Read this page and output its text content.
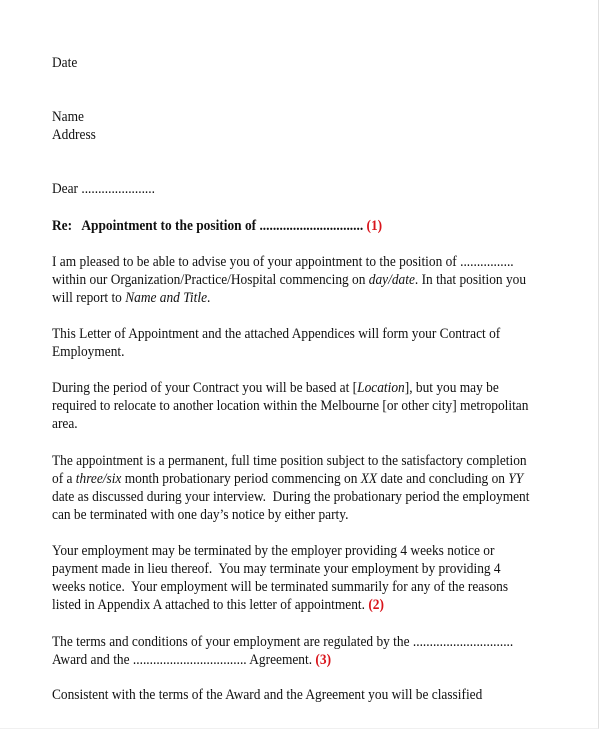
Date
Name
Address
Dear ......................
Re:   Appointment to the position of ............................... (1)
I am pleased to be able to advise you of your appointment to the position of ................
within our Organization/Practice/Hospital commencing on day/date. In that position you
will report to Name and Title.
This Letter of Appointment and the attached Appendices will form your Contract of
Employment.
During the period of your Contract you will be based at [Location], but you may be
required to relocate to another location within the Melbourne [or other city] metropolitan
area.
The appointment is a permanent, full time position subject to the satisfactory completion
of a three/six month probationary period commencing on XX date and concluding on YY
date as discussed during your interview.  During the probationary period the employment
can be terminated with one day’s notice by either party.
Your employment may be terminated by the employer providing 4 weeks notice or
payment made in lieu thereof.  You may terminate your employment by providing 4
weeks notice.  Your employment will be terminated summarily for any of the reasons
listed in Appendix A attached to this letter of appointment. (2)
The terms and conditions of your employment are regulated by the ..............................
Award and the .................................. Agreement. (3)
Consistent with the terms of the Award and the Agreement you will be classified
